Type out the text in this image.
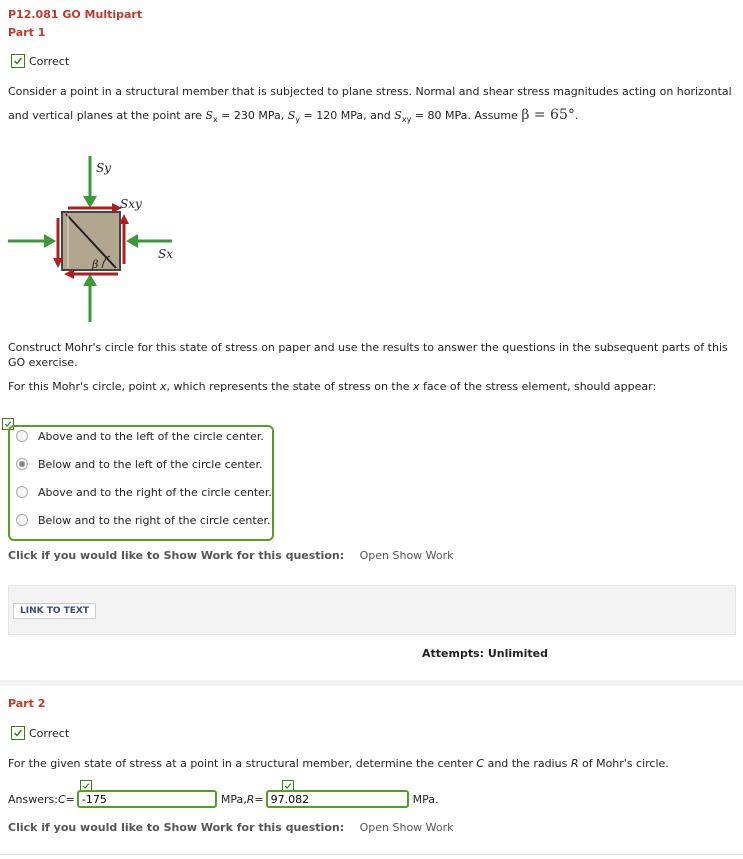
P12.081 GO Multipart
Part 1
Correct
Consider a point in a structural member that is subjected to plane stress. Normal and shear stress magnitudes acting on horizontal
and vertical planes at the point are $S_x = 230$ MPa, $S_y = 120$ MPa, and $S_{xy} = 80$ MPa. Assume β = 65°.
β
Sy
Sxy
Sx
Construct Mohr's circle for this state of stress on paper and use the results to answer the questions in the subsequent parts of this GO exercise.
For this Mohr's circle, point x, which represents the state of stress on the x face of the stress element, should appear:
Above and to the left of the circle center.
Below and to the left of the circle center.
Above and to the right of the circle center.
Below and to the right of the circle center.
Click if you would like to Show Work for this question: Open Show Work
LINK TO TEXT
Attempts: Unlimited
Part 2
Correct
For the given state of stress at a point in a structural member, determine the center C and the radius R of Mohr's circle.
Answers: C =
-175	MPa, R =
97.082	MPa.
Click if you would like to Show Work for this question: Open Show Work
